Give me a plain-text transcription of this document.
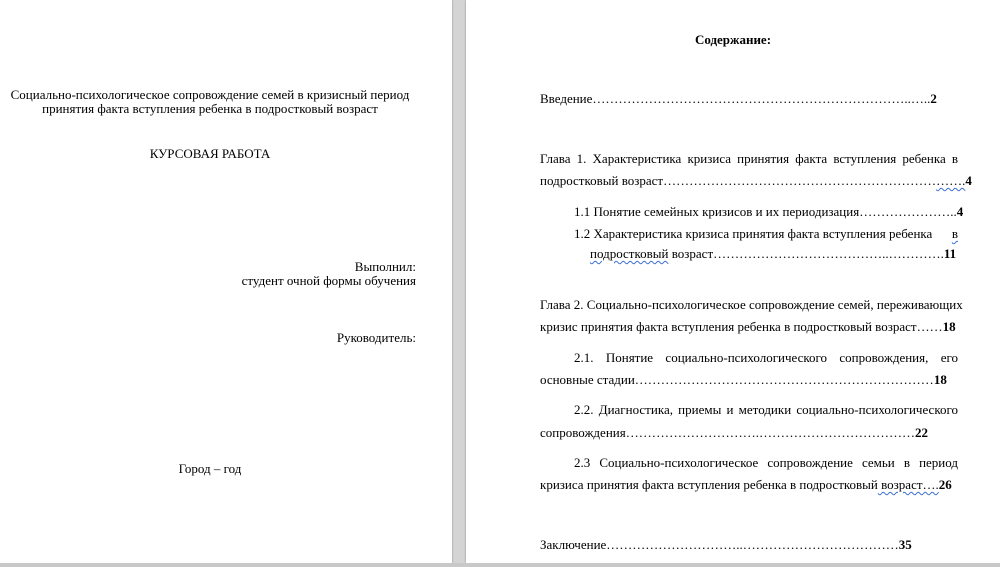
Социально-психологическое сопровождение семей в кризисный период
принятия факта вступления ребенка в подростковый возраст
КУРСОВАЯ РАБОТА
Выполнил:
студент очной формы обучения
Руководитель:
Город – год
Содержание:
Введение………………………………………………………………..…..2
Глава 1. Характеристика кризиса принятия факта вступления ребенка в
подростковый возраст…………………………………………………………….4
1.1 Понятие семейных кризисов и их периодизация…………………..4
1.2 Характеристика кризиса принятия факта вступления ребенка в
подростковый возраст…………………………………..………….11
Глава 2. Социально-психологическое сопровождение семей, переживающих
кризис принятия факта вступления ребенка в подростковый возраст……18
2.1. Понятие социально-психологического сопровождения, его
основные стадии……………………………………………………………18
2.2. Диагностика, приемы и методики социально-психологического
сопровождения………………………….………………………………22
2.3 Социально-психологическое сопровождение семьи в период
кризиса принятия факта вступления ребенка в подростковый возраст….26
Заключение…………………………..………………………………35
